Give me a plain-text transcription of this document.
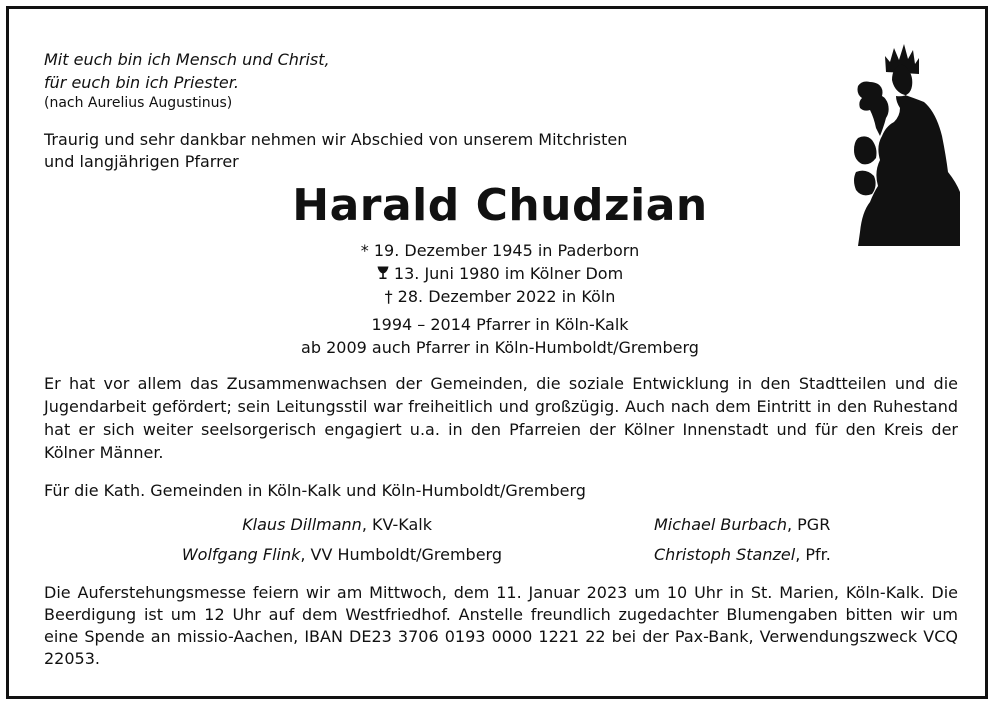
Mit euch bin ich Mensch und Christ,
für euch bin ich Priester.

(nach Aurelius Augustinus)

Traurig und sehr dankbar nehmen wir Abschied von unserem Mitchristen
und langjährigen Pfarrer

Harald Chudzian

* 19. Dezember 1945 in Paderborn
13. Juni 1980 im Kölner Dom
† 28. Dezember 2022 in Köln

1994 – 2014 Pfarrer in Köln-Kalk
ab 2009 auch Pfarrer in Köln-Humboldt/Gremberg

Er hat vor allem das Zusammenwachsen der Gemeinden, die soziale Entwicklung in den Stadtteilen und die Jugendarbeit gefördert; sein Leitungsstil war freiheitlich und großzügig. Auch nach dem Eintritt in den Ruhestand hat er sich weiter seelsorgerisch engagiert u.a. in den Pfarreien der Kölner Innenstadt und für den Kreis der Kölner Männer.

Für die Kath. Gemeinden in Köln-Kalk und Köln-Humboldt/Gremberg

Klaus Dillmann, KV-Kalk

Wolfgang Flink, VV Humboldt/Gremberg

Michael Burbach, PGR

Christoph Stanzel, Pfr.

Die Auferstehungsmesse feiern wir am Mittwoch, dem 11. Januar 2023 um 10 Uhr in St. Marien, Köln-Kalk. Die Beerdigung ist um 12 Uhr auf dem Westfriedhof. Anstelle freundlich zugedachter Blumengaben bitten wir um eine Spende an missio-Aachen, IBAN DE23 3706 0193 0000 1221 22 bei der Pax-Bank, Verwendungszweck VCQ 22053.
